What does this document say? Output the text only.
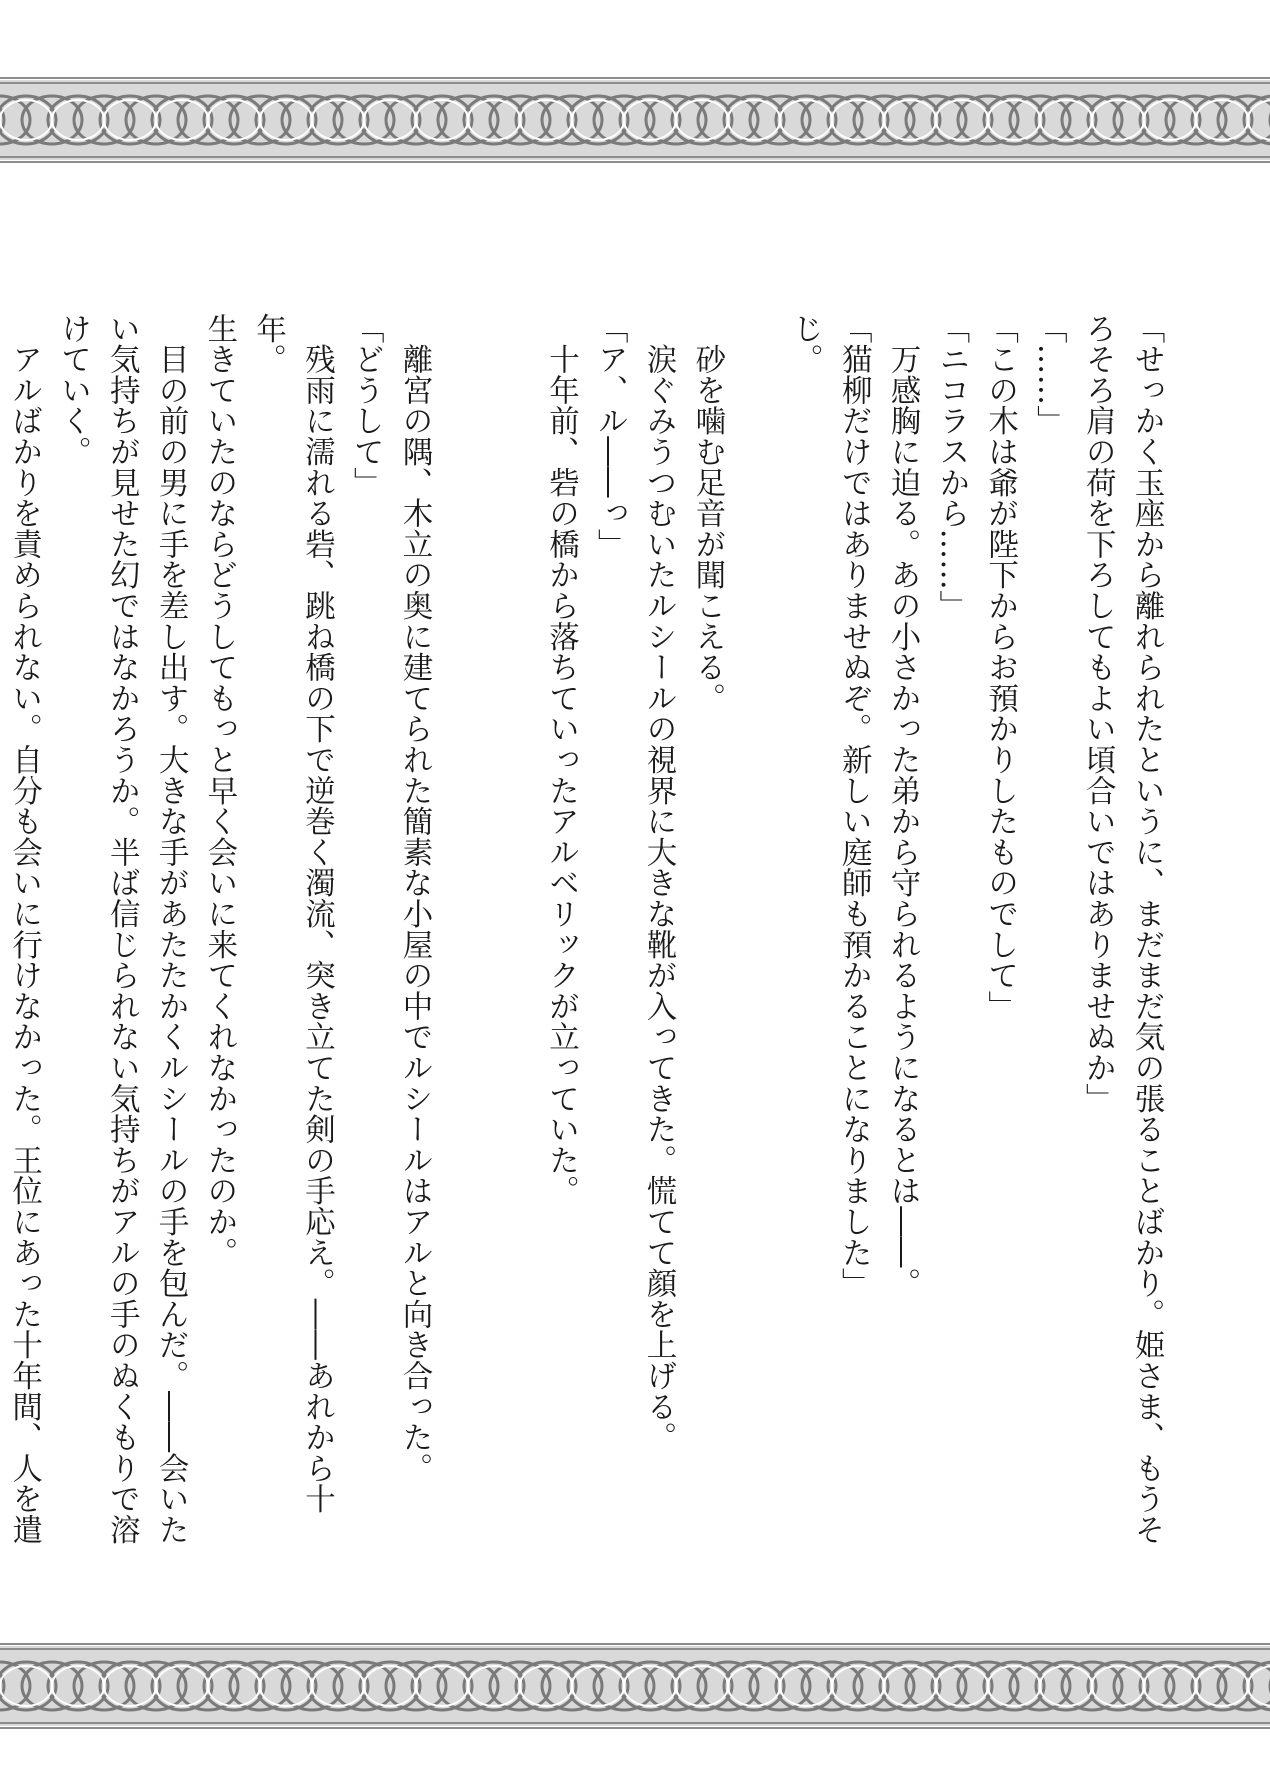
「せっかく玉座から離れられたというに、まだまだ気の張ることばかり。姫さま、もうそ
ろそろ肩の荷を下ろしてもよい頃合いではありませぬか」
「……」
「この木は爺が陛下からお預かりしたものでして」
「ニコラスから……」
　万感胸に迫る。あの小さかった弟から守られるようになるとは――。
「猫柳だけではありませぬぞ。新しい庭師も預かることになりました」
じ。

　砂を噛む足音が聞こえる。
　涙ぐみうつむいたルシールの視界に大きな靴が入ってきた。慌てて顔を上げる。
「ア、ル――っ」
　十年前、砦の橋から落ちていったアルベリックが立っていた。

　離宮の隅、木立の奥に建てられた簡素な小屋の中でルシールはアルと向き合った。
「どうして」
　残雨に濡れる砦、跳ね橋の下で逆巻く濁流、突き立てた剣の手応え。――あれから十年。
生きていたのならどうしてもっと早く会いに来てくれなかったのか。
　目の前の男に手を差し出す。大きな手があたたかくルシールの手を包んだ。――会いた
い気持ちが見せた幻ではなかろうか。半ば信じられない気持ちがアルの手のぬくもりで溶
けていく。
　アルばかりを責められない。自分も会いに行けなかった。王位にあった十年間、人を遣
